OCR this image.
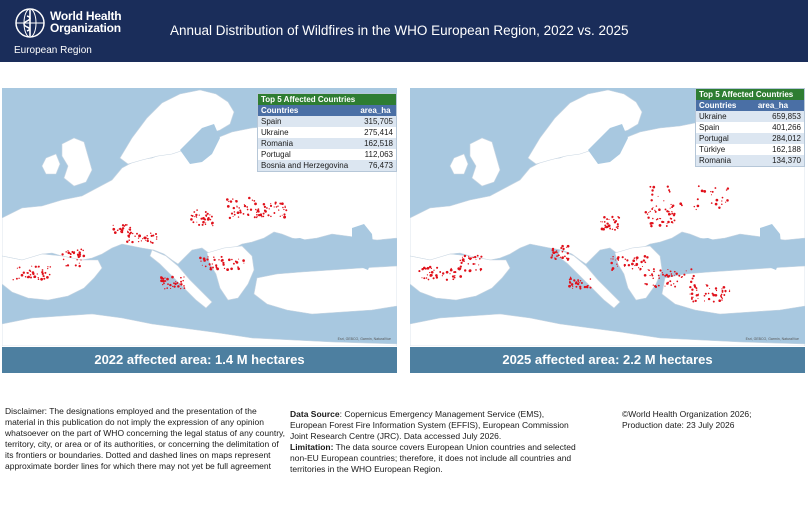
World Health
Organization
European Region
Annual Distribution of Wildfires in the WHO European Region, 2022 vs. 2025
Esri, GEBCO, Garmin, NaturalVue	Esri, GEBCO, Garmin, NaturalVue
2022 affected area: 1.4 M hectares	2025 affected area: 2.2 M hectares
Top 5 Affected Countries
Countries	area_ha
Spain	315,705
Ukraine	275,414
Romania	162,518
Portugal	112,063
Bosnia and Herzegovina	76,473
Top 5 Affected Countries
Countries	area_ha
Ukraine	659,853
Spain	401,266
Portugal	284,012
Türkiye	162,188
Romania	134,370
Disclaimer: The designations employed and the presentation of the material in this publication do not imply the expression of any opinion whatsoever on the part of WHO concerning the legal status of any country, territory, city, or area or of its authorities, or concerning the delimitation of its frontiers or boundaries. Dotted and dashed lines on maps represent approximate border lines for which there may not yet be full agreement
Data Source: Copernicus Emergency Management Service (EMS), European Forest Fire Information System (EFFIS), European Commission Joint Research Centre (JRC). Data accessed July 2026.
Limitation: The data source covers European Union countries and selected non-EU European countries; therefore, it does not include all countries and territories in the WHO European Region.
©World Health Organization 2026;
Production date: 23 July 2026
